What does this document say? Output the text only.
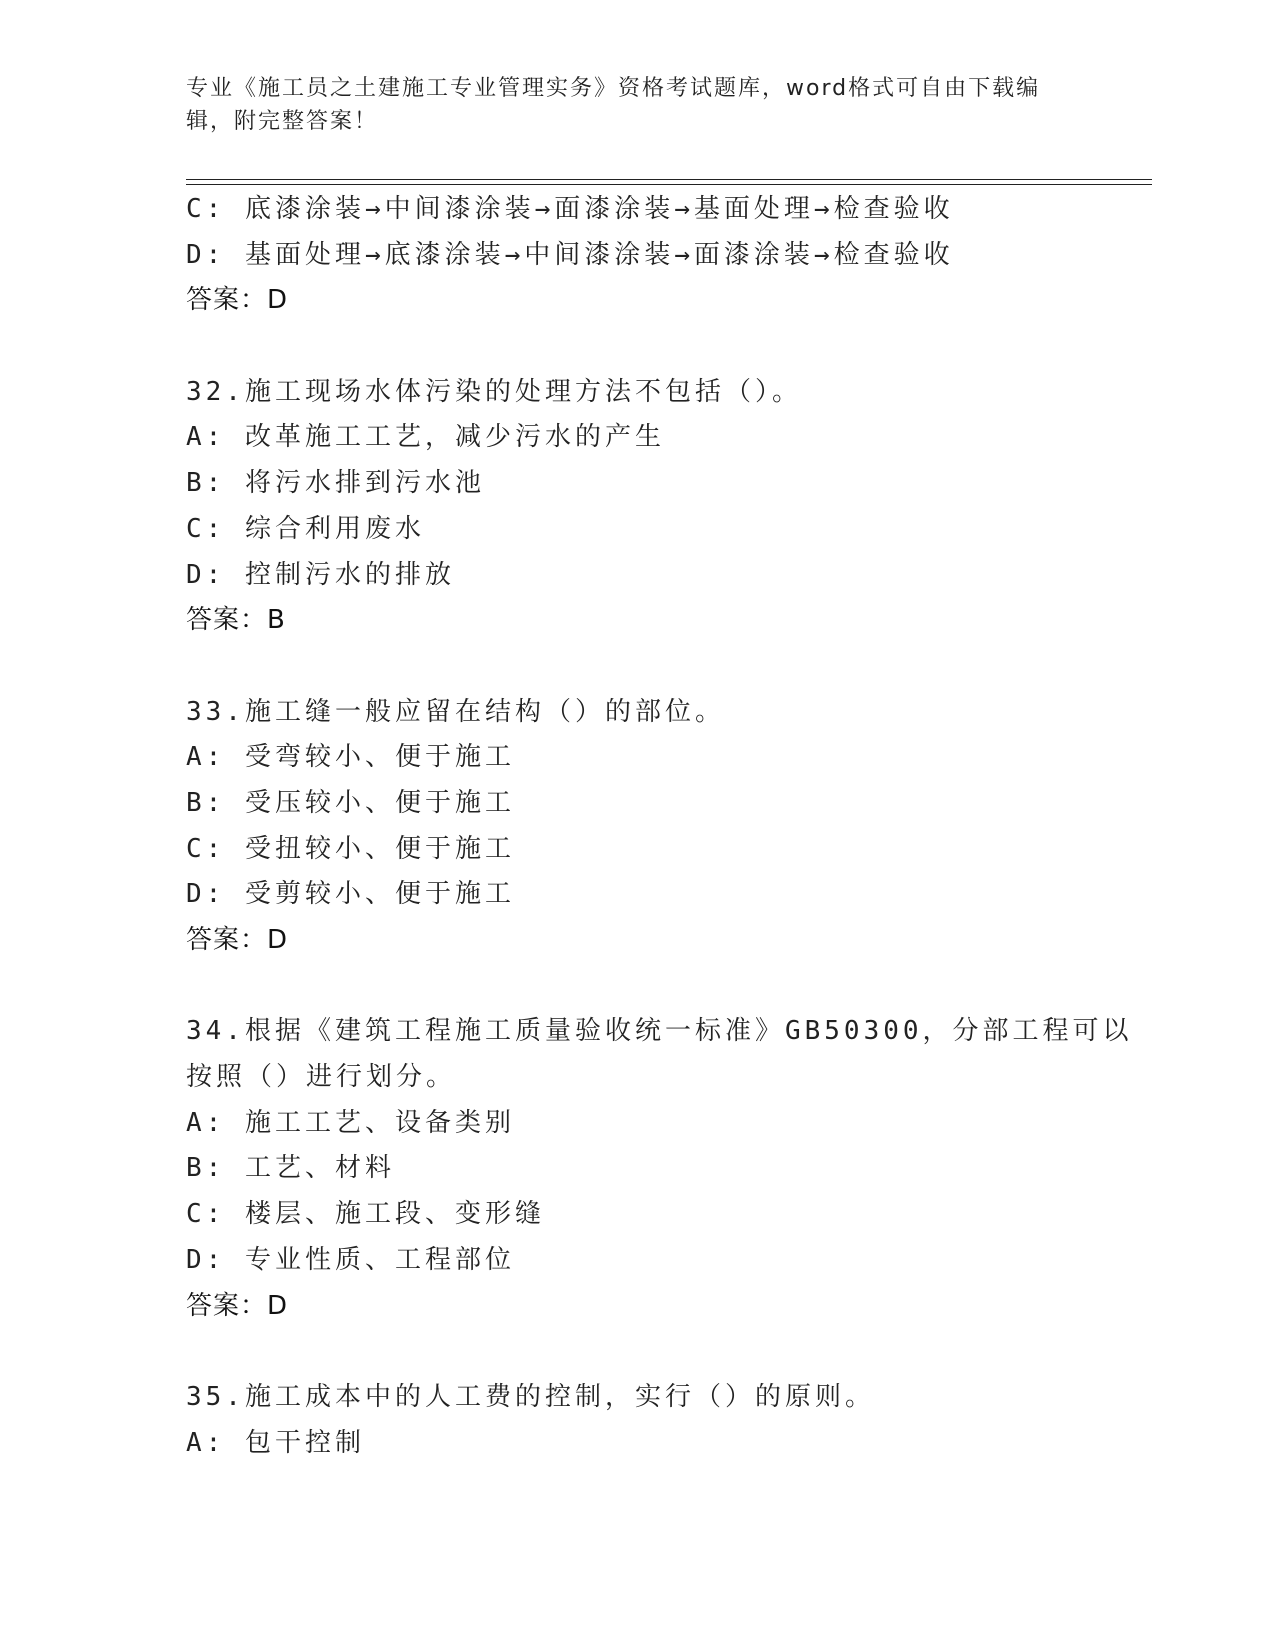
专业《施工员之土建施工专业管理实务》资格考试题库，word格式可自由下载编辑，附完整答案！
C: 底漆涂装→中间漆涂装→面漆涂装→基面处理→检查验收
D: 基面处理→底漆涂装→中间漆涂装→面漆涂装→检查验收
答案：D
32.施工现场水体污染的处理方法不包括（）。
A: 改革施工工艺，减少污水的产生
B: 将污水排到污水池
C: 综合利用废水
D: 控制污水的排放
答案：B
33.施工缝一般应留在结构（）的部位。
A: 受弯较小、便于施工
B: 受压较小、便于施工
C: 受扭较小、便于施工
D: 受剪较小、便于施工
答案：D
34.根据《建筑工程施工质量验收统一标准》GB50300，分部工程可以
按照（）进行划分。
A: 施工工艺、设备类别
B: 工艺、材料
C: 楼层、施工段、变形缝
D: 专业性质、工程部位
答案：D
35.施工成本中的人工费的控制，实行（）的原则。
A: 包干控制
